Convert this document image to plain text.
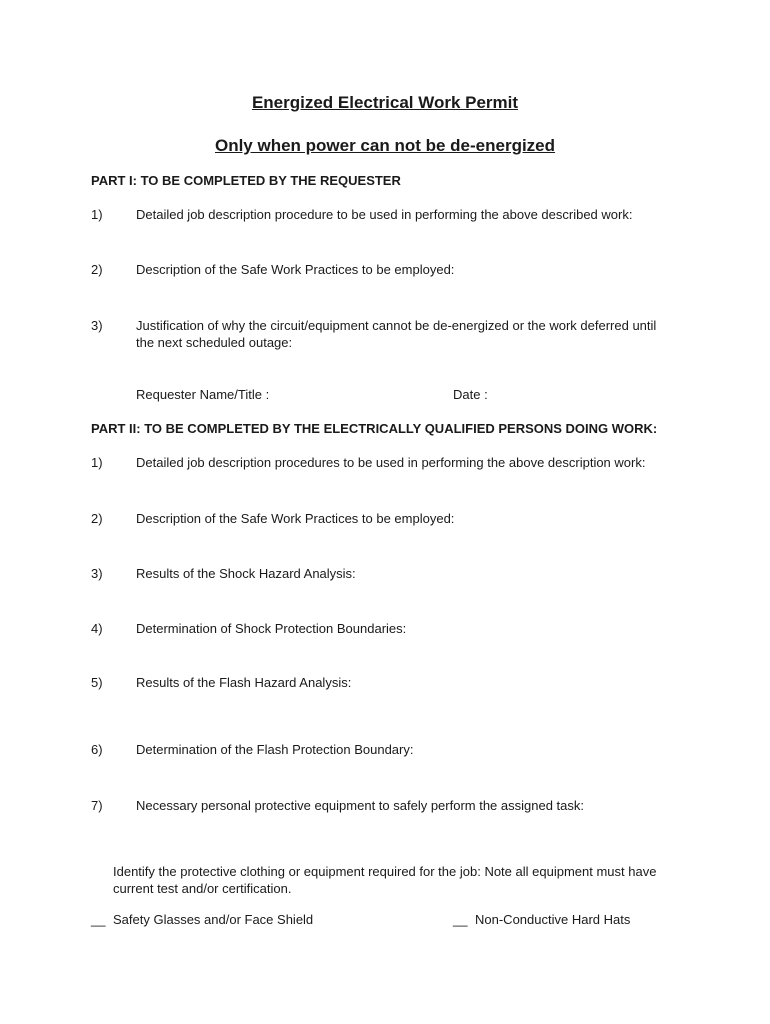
Energized Electrical Work Permit
Only when power can not be de-energized
PART I: TO BE COMPLETED BY THE REQUESTER
1)	Detailed job description procedure to be used in performing the above described work:
2)	Description of the Safe Work Practices to be employed:
3)	Justification of why the circuit/equipment cannot be de-energized or the work deferred until the next scheduled outage:
Requester Name/Title :	Date :
PART II: TO BE COMPLETED BY THE ELECTRICALLY QUALIFIED PERSONS DOING WORK:
1)	Detailed job description procedures to be used in performing the above description work:
2)	Description of the Safe Work Practices to be employed:
3)	Results of the Shock Hazard Analysis:
4)	Determination of Shock Protection Boundaries:
5)	Results of the Flash Hazard Analysis:
6)	Determination of the Flash Protection Boundary:
7)	Necessary personal protective equipment to safely perform the assigned task:
Identify the protective clothing or equipment required for the job: Note all equipment must have current test and/or certification.
__ Safety Glasses and/or Face Shield	__ Non-Conductive Hard Hats
